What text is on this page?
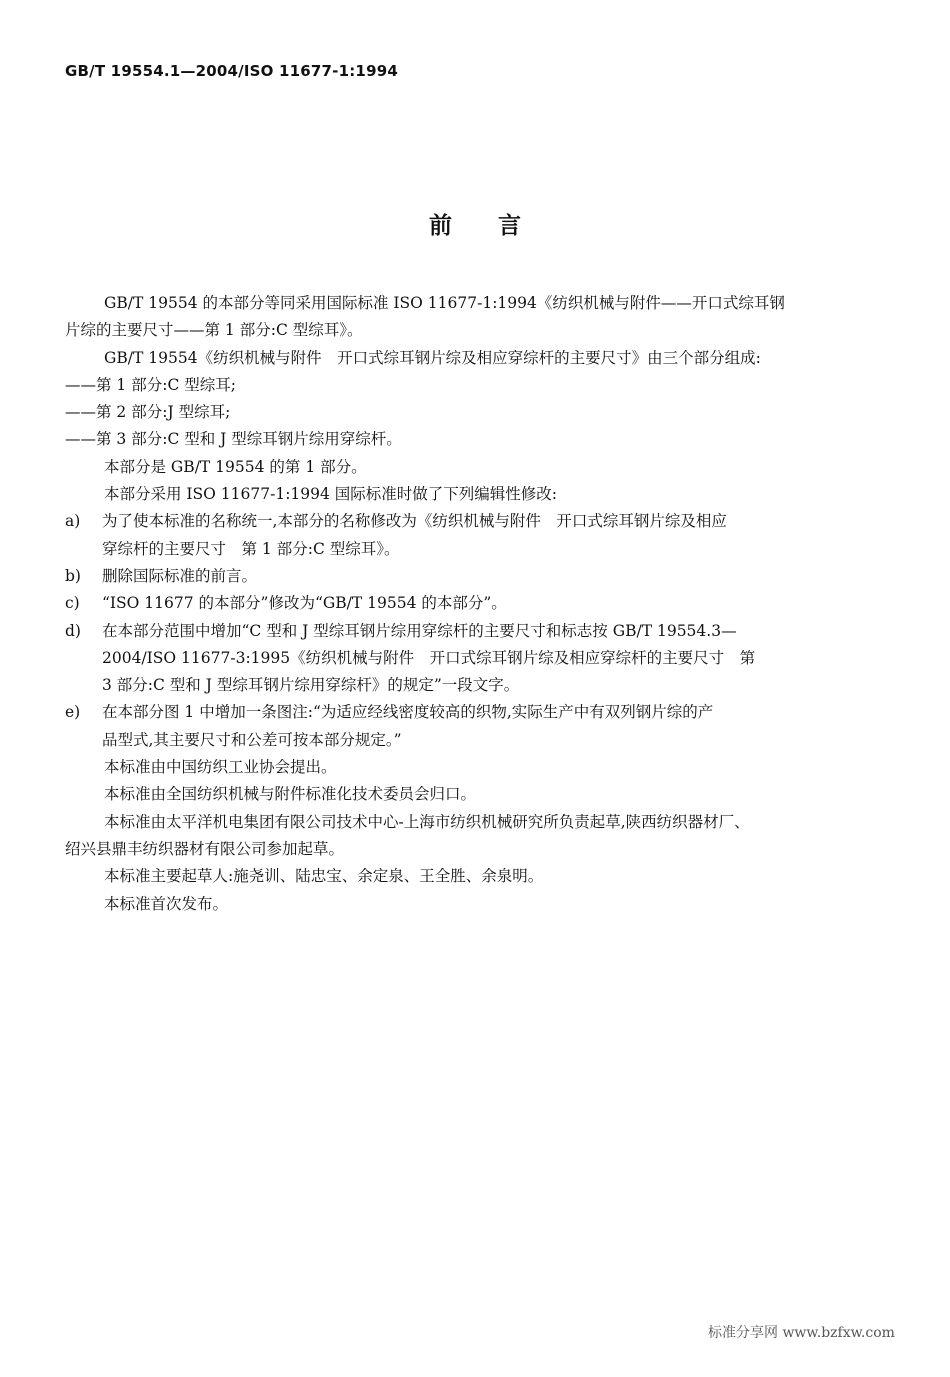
GB/T 19554.1—2004/ISO 11677-1:1994
前言
GB/T 19554 的本部分等同采用国际标准 ISO 11677-1:1994《纺织机械与附件——开口式综耳钢
片综的主要尺寸——第 1 部分:C 型综耳》。
GB/T 19554《纺织机械与附件　开口式综耳钢片综及相应穿综杆的主要尺寸》由三个部分组成:
——第 1 部分:C 型综耳;
——第 2 部分:J 型综耳;
——第 3 部分:C 型和 J 型综耳钢片综用穿综杆。
本部分是 GB/T 19554 的第 1 部分。
本部分采用 ISO 11677-1:1994 国际标准时做了下列编辑性修改:
a) 为了使本标准的名称统一,本部分的名称修改为《纺织机械与附件　开口式综耳钢片综及相应
穿综杆的主要尺寸　第 1 部分:C 型综耳》。
b) 删除国际标准的前言。
c) “ISO 11677 的本部分”修改为“GB/T 19554 的本部分”。
d) 在本部分范围中增加“C 型和 J 型综耳钢片综用穿综杆的主要尺寸和标志按 GB/T 19554.3—
2004/ISO 11677-3:1995《纺织机械与附件　开口式综耳钢片综及相应穿综杆的主要尺寸　第
3 部分:C 型和 J 型综耳钢片综用穿综杆》的规定”一段文字。
e) 在本部分图 1 中增加一条图注:“为适应经线密度较高的织物,实际生产中有双列钢片综的产
品型式,其主要尺寸和公差可按本部分规定。”
本标准由中国纺织工业协会提出。
本标准由全国纺织机械与附件标准化技术委员会归口。
本标准由太平洋机电集团有限公司技术中心-上海市纺织机械研究所负责起草,陕西纺织器材厂、
绍兴县鼎丰纺织器材有限公司参加起草。
本标准主要起草人:施尧训、陆忠宝、余定泉、王全胜、余泉明。
本标准首次发布。
标准分享网 www.bzfxw.com
